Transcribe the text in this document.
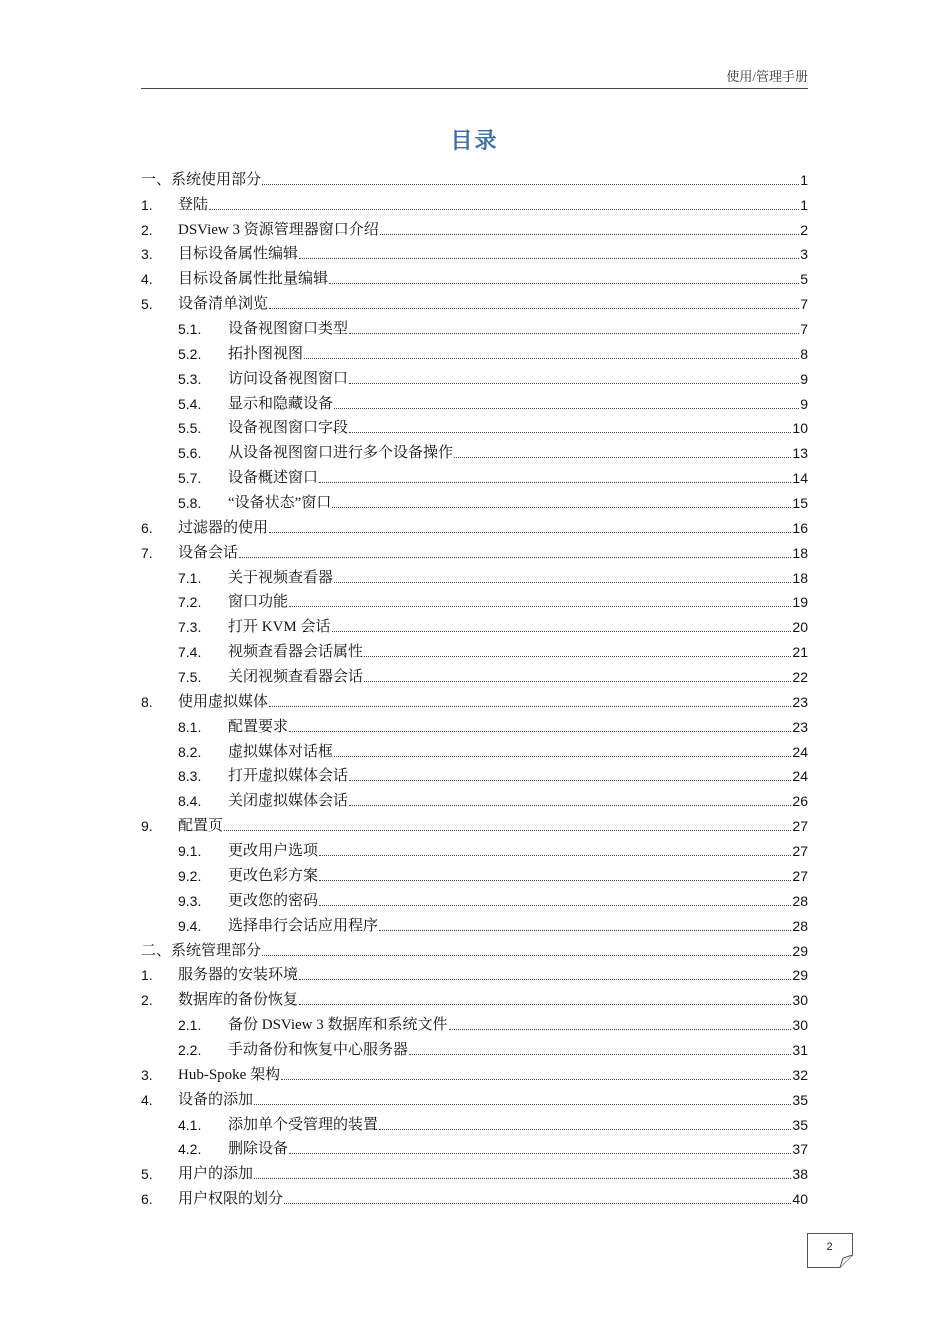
使用/管理手册
目录
一、系统使用部分	1
1.	登陆	1
2.	DSView 3 资源管理器窗口介绍	2
3.	目标设备属性编辑	3
4.	目标设备属性批量编辑	5
5.	设备清单浏览	7
5.1.	设备视图窗口类型	7
5.2.	拓扑图视图	8
5.3.	访问设备视图窗口	9
5.4.	显示和隐藏设备	9
5.5.	设备视图窗口字段	10
5.6.	从设备视图窗口进行多个设备操作	13
5.7.	设备概述窗口	14
5.8.	“设备状态”窗口	15
6.	过滤器的使用	16
7.	设备会话	18
7.1.	关于视频查看器	18
7.2.	窗口功能	19
7.3.	打开 KVM 会话	20
7.4.	视频查看器会话属性	21
7.5.	关闭视频查看器会话	22
8.	使用虚拟媒体	23
8.1.	配置要求	23
8.2.	虚拟媒体对话框	24
8.3.	打开虚拟媒体会话	24
8.4.	关闭虚拟媒体会话	26
9.	配置页	27
9.1.	更改用户选项	27
9.2.	更改色彩方案	27
9.3.	更改您的密码	28
9.4.	选择串行会话应用程序	28
二、系统管理部分	29
1.	服务器的安装环境	29
2.	数据库的备份恢复	30
2.1.	备份 DSView 3 数据库和系统文件	30
2.2.	手动备份和恢复中心服务器	31
3.	Hub-Spoke 架构	32
4.	设备的添加	35
4.1.	添加单个受管理的装置	35
4.2.	删除设备	37
5.	用户的添加	38
6.	用户权限的划分	40
2
